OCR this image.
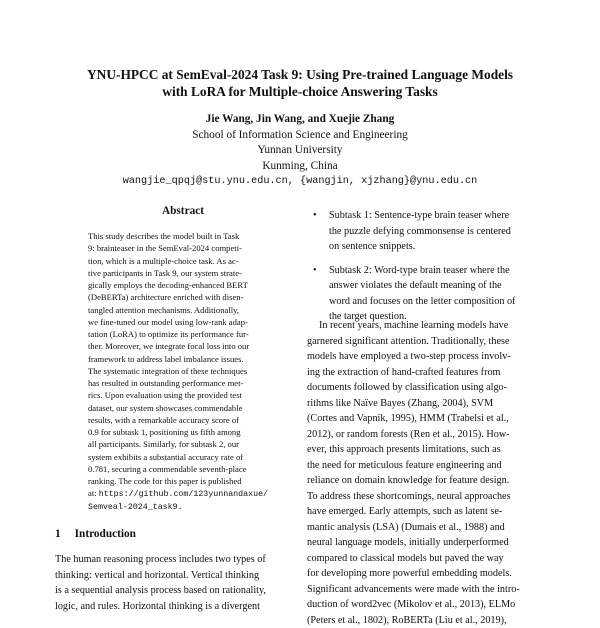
YNU-HPCC at SemEval-2024 Task 9: Using Pre-trained Language Models
with LoRA for Multiple-choice Answering Tasks
Jie Wang, Jin Wang, and Xuejie Zhang
School of Information Science and Engineering
Yunnan University
Kunming, China
wangjie_qpqj@stu.ynu.edu.cn, {wangjin, xjzhang}@ynu.edu.cn
Abstract
This study describes the model built in Task
9: brainteaser in the SemEval-2024 competi-
tion, which is a multiple-choice task. As ac-
tive participants in Task 9, our system strate-
gically employs the decoding-enhanced BERT
(DeBERTa) architecture enriched with disen-
tangled attention mechanisms. Additionally,
we fine-tuned our model using low-rank adap-
tation (LoRA) to optimize its performance fur-
ther. Moreover, we integrate focal loss into our
framework to address label imbalance issues.
The systematic integration of these techniques
has resulted in outstanding performance met-
rics. Upon evaluation using the provided test
dataset, our system showcases commendable
results, with a remarkable accuracy score of
0.9 for subtask 1, positioning us fifth among
all participants. Similarly, for subtask 2, our
system exhibits a substantial accuracy rate of
0.781, securing a commendable seventh-place
ranking. The code for this paper is published
at: https://github.com/123yunnandaxue/
Semveal-2024_task9.
1 Introduction
The human reasoning process includes two types of
thinking: vertical and horizontal. Vertical thinking
is a sequential analysis process based on rationality,
logic, and rules. Horizontal thinking is a divergent
• Subtask 1: Sentence-type brain teaser where
the puzzle defying commonsense is centered
on sentence snippets.
• Subtask 2: Word-type brain teaser where the
answer violates the default meaning of the
word and focuses on the letter composition of
the target question.
In recent years, machine learning models have
garnered significant attention. Traditionally, these
models have employed a two-step process involv-
ing the extraction of hand-crafted features from
documents followed by classification using algo-
rithms like Naïve Bayes (Zhang, 2004), SVM
(Cortes and Vapnik, 1995), HMM (Trabelsi et al.,
2012), or random forests (Ren et al., 2015). How-
ever, this approach presents limitations, such as
the need for meticulous feature engineering and
reliance on domain knowledge for feature design.
To address these shortcomings, neural approaches
have emerged. Early attempts, such as latent se-
mantic analysis (LSA) (Dumais et al., 1988) and
neural language models, initially underperformed
compared to classical models but paved the way
for developing more powerful embedding models.
Significant advancements were made with the intro-
duction of word2vec (Mikolov et al., 2013), ELMo
(Peters et al., 1802), RoBERTa (Liu et al., 2019),
